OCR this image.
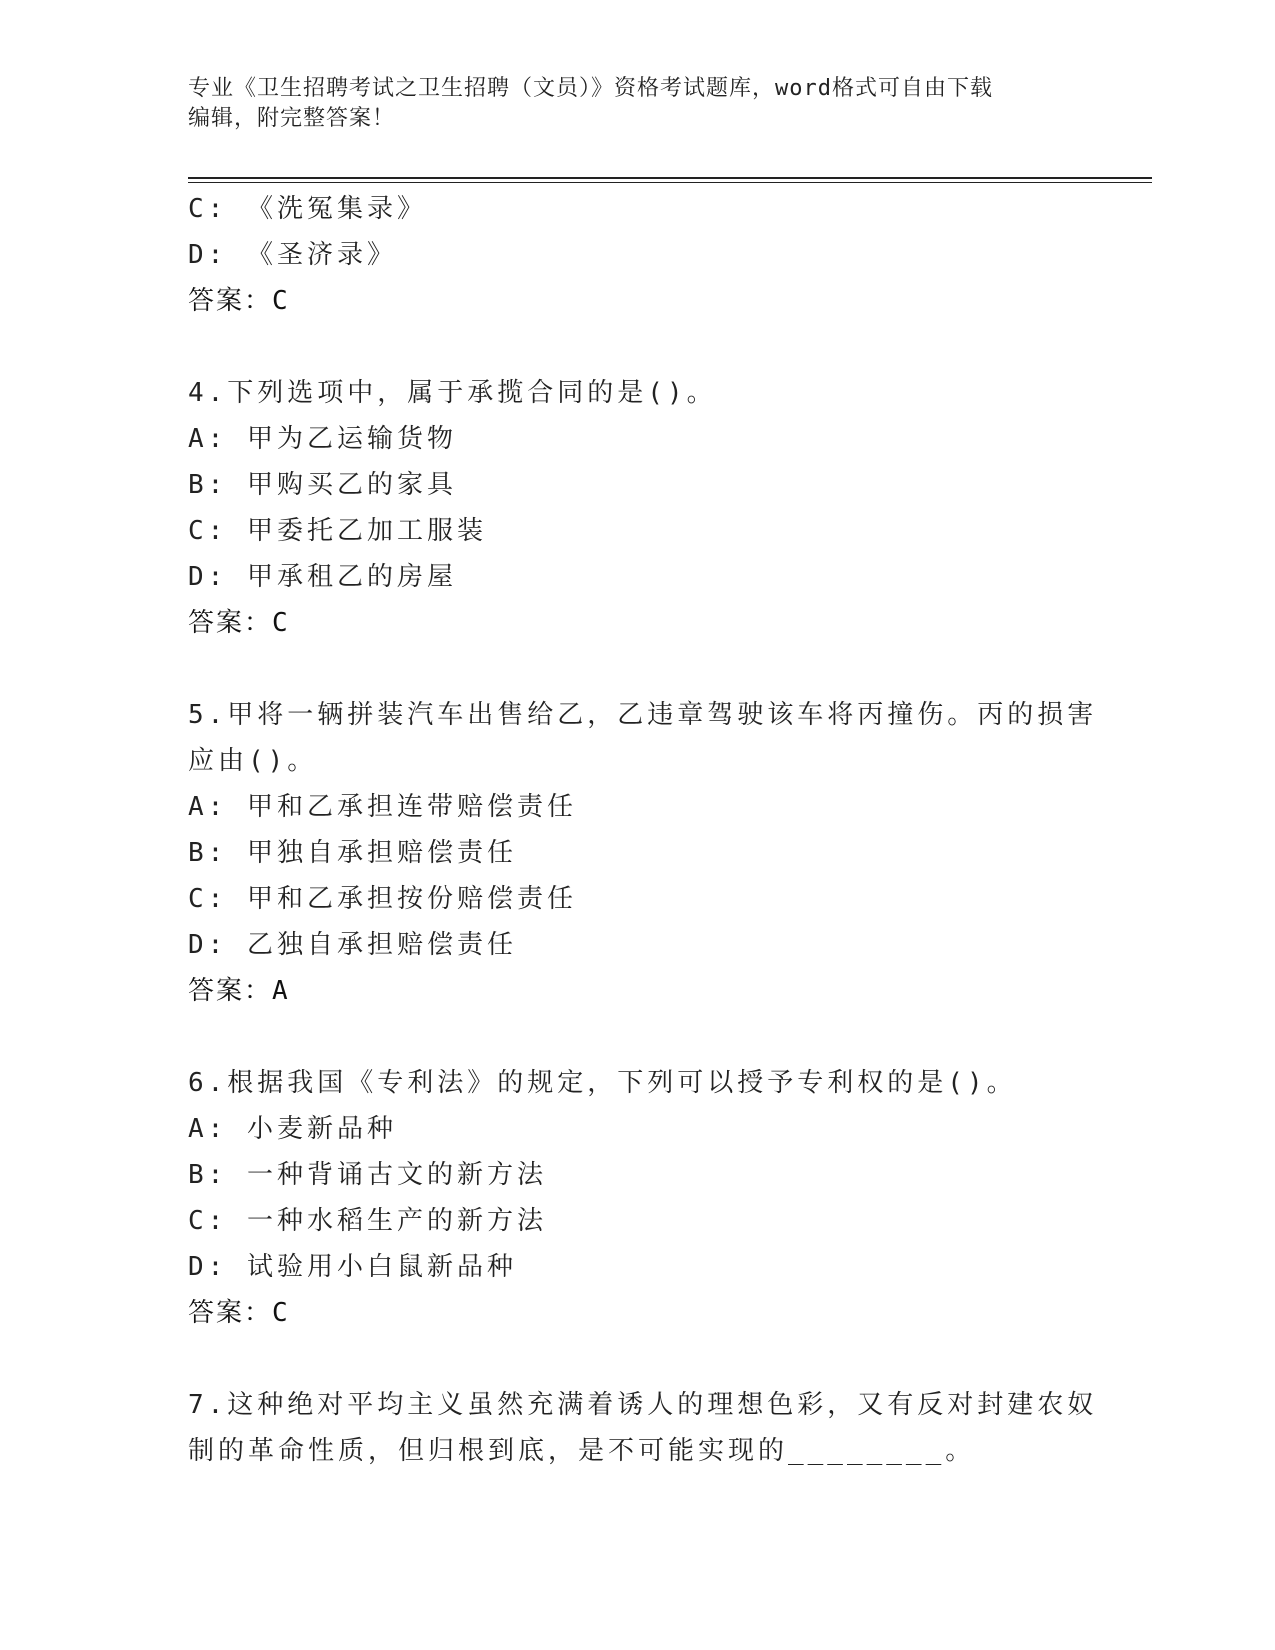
专业《卫生招聘考试之卫生招聘（文员）》资格考试题库，word格式可自由下载
编辑，附完整答案！
C: 《洗冤集录》
D: 《圣济录》
答案：C
4.下列选项中，属于承揽合同的是()。
A: 甲为乙运输货物
B: 甲购买乙的家具
C: 甲委托乙加工服装
D: 甲承租乙的房屋
答案：C
5.甲将一辆拼装汽车出售给乙，乙违章驾驶该车将丙撞伤。丙的损害
应由()。
A: 甲和乙承担连带赔偿责任
B: 甲独自承担赔偿责任
C: 甲和乙承担按份赔偿责任
D: 乙独自承担赔偿责任
答案：A
6.根据我国《专利法》的规定，下列可以授予专利权的是()。
A: 小麦新品种
B: 一种背诵古文的新方法
C: 一种水稻生产的新方法
D: 试验用小白鼠新品种
答案：C
7.这种绝对平均主义虽然充满着诱人的理想色彩，又有反对封建农奴
制的革命性质，但归根到底，是不可能实现的________。
